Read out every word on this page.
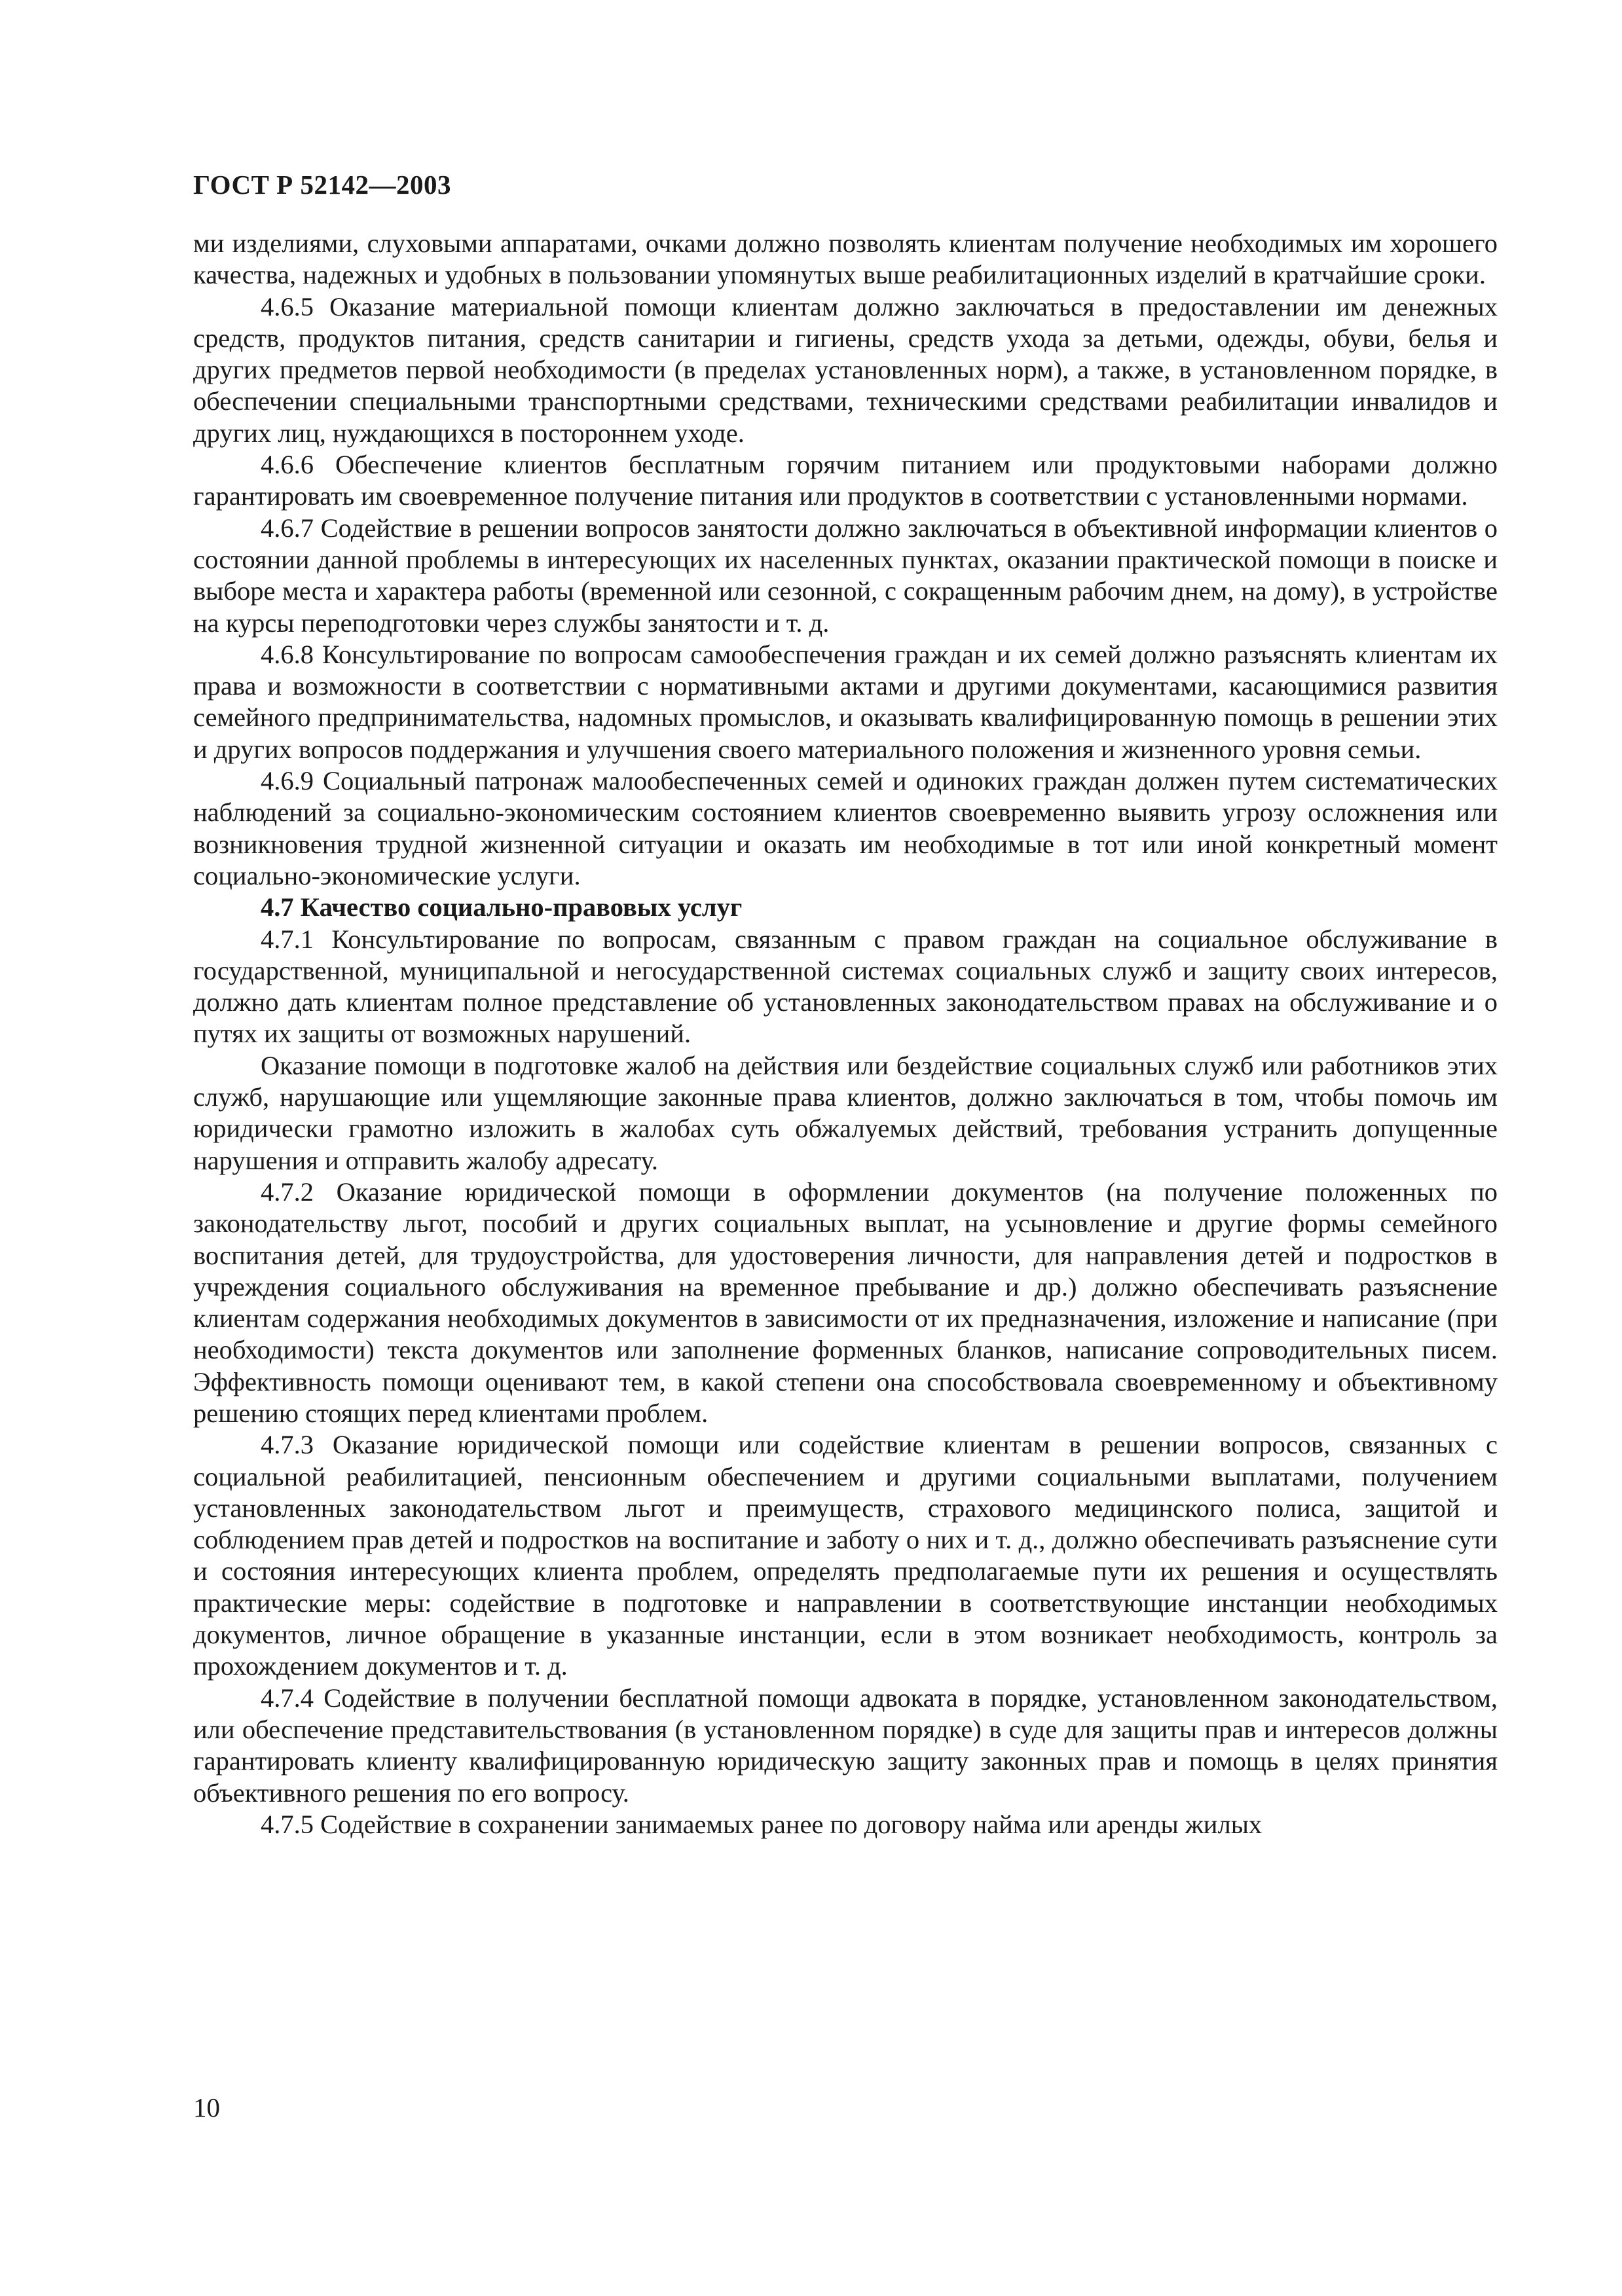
ГОСТ Р 52142—2003

ми изделиями, слуховыми аппаратами, очками должно позволять клиентам получение необходимых им хорошего качества, надежных и удобных в пользовании упомянутых выше реабилитационных изделий в кратчайшие сроки.

4.6.5 Оказание материальной помощи клиентам должно заключаться в предоставлении им денежных средств, продуктов питания, средств санитарии и гигиены, средств ухода за детьми, одежды, обуви, белья и других предметов первой необходимости (в пределах установленных норм), а также, в установленном порядке, в обеспечении специальными транспортными средствами, техническими средствами реабилитации инвалидов и других лиц, нуждающихся в постороннем уходе.

4.6.6 Обеспечение клиентов бесплатным горячим питанием или продуктовыми наборами должно гарантировать им своевременное получение питания или продуктов в соответствии с установленными нормами.

4.6.7 Содействие в решении вопросов занятости должно заключаться в объективной информации клиентов о состоянии данной проблемы в интересующих их населенных пунктах, оказании практической помощи в поиске и выборе места и характера работы (временной или сезонной, с сокращенным рабочим днем, на дому), в устройстве на курсы переподготовки через службы занятости и т. д.

4.6.8 Консультирование по вопросам самообеспечения граждан и их семей должно разъяснять клиентам их права и возможности в соответствии с нормативными актами и другими документами, касающимися развития семейного предпринимательства, надомных промыслов, и оказывать квалифицированную помощь в решении этих и других вопросов поддержания и улучшения своего материального положения и жизненного уровня семьи.

4.6.9 Социальный патронаж малообеспеченных семей и одиноких граждан должен путем систематических наблюдений за социально-экономическим состоянием клиентов своевременно выявить угрозу осложнения или возникновения трудной жизненной ситуации и оказать им необходимые в тот или иной конкретный момент социально-экономические услуги.

4.7 Качество социально-правовых услуг

4.7.1 Консультирование по вопросам, связанным с правом граждан на социальное обслуживание в государственной, муниципальной и негосударственной системах социальных служб и защиту своих интересов, должно дать клиентам полное представление об установленных законодательством правах на обслуживание и о путях их защиты от возможных нарушений.

Оказание помощи в подготовке жалоб на действия или бездействие социальных служб или работников этих служб, нарушающие или ущемляющие законные права клиентов, должно заключаться в том, чтобы помочь им юридически грамотно изложить в жалобах суть обжалуемых действий, требования устранить допущенные нарушения и отправить жалобу адресату.

4.7.2 Оказание юридической помощи в оформлении документов (на получение положенных по законодательству льгот, пособий и других социальных выплат, на усыновление и другие формы семейного воспитания детей, для трудоустройства, для удостоверения личности, для направления детей и подростков в учреждения социального обслуживания на временное пребывание и др.) должно обеспечивать разъяснение клиентам содержания необходимых документов в зависимости от их предназначения, изложение и написание (при необходимости) текста документов или заполнение форменных бланков, написание сопроводительных писем. Эффективность помощи оценивают тем, в какой степени она способствовала своевременному и объективному решению стоящих перед клиентами проблем.

4.7.3 Оказание юридической помощи или содействие клиентам в решении вопросов, связанных с социальной реабилитацией, пенсионным обеспечением и другими социальными выплатами, получением установленных законодательством льгот и преимуществ, страхового медицинского полиса, защитой и соблюдением прав детей и подростков на воспитание и заботу о них и т. д., должно обеспечивать разъяснение сути и состояния интересующих клиента проблем, определять предполагаемые пути их решения и осуществлять практические меры: содействие в подготовке и направлении в соответствующие инстанции необходимых документов, личное обращение в указанные инстанции, если в этом возникает необходимость, контроль за прохождением документов и т. д.

4.7.4 Содействие в получении бесплатной помощи адвоката в порядке, установленном законодательством, или обеспечение представительствования (в установленном порядке) в суде для защиты прав и интересов должны гарантировать клиенту квалифицированную юридическую защиту законных прав и помощь в целях принятия объективного решения по его вопросу.

4.7.5 Содействие в сохранении занимаемых ранее по договору найма или аренды жилых

10
